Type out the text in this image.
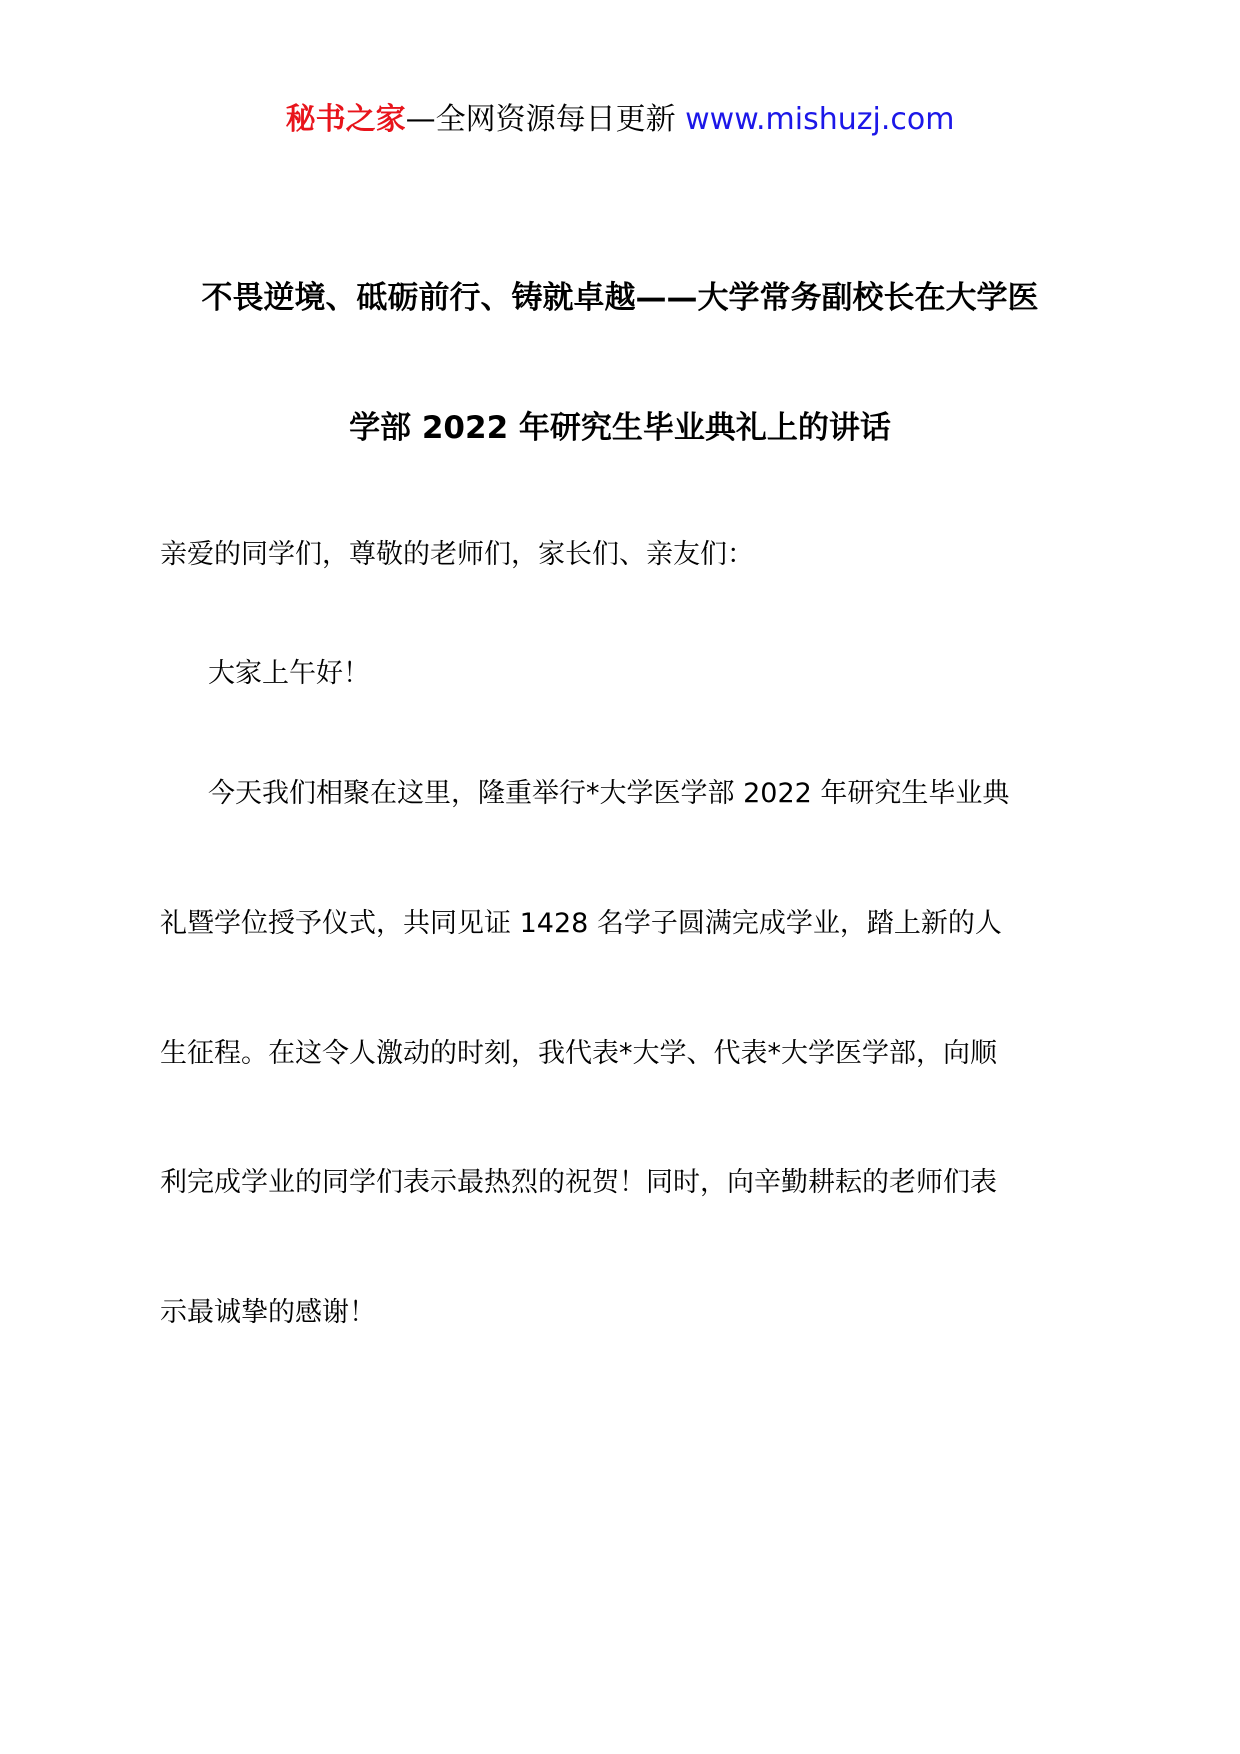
秘书之家—全网资源每日更新 www.mishuzj.com
不畏逆境、砥砺前行、铸就卓越——大学常务副校长在大学医
学部 2022 年研究生毕业典礼上的讲话
亲爱的同学们，尊敬的老师们，家长们、亲友们：
大家上午好！
今天我们相聚在这里，隆重举行*大学医学部 2022 年研究生毕业典
礼暨学位授予仪式，共同见证 1428 名学子圆满完成学业，踏上新的人
生征程。在这令人激动的时刻，我代表*大学、代表*大学医学部，向顺
利完成学业的同学们表示最热烈的祝贺！同时，向辛勤耕耘的老师们表
示最诚挚的感谢！
